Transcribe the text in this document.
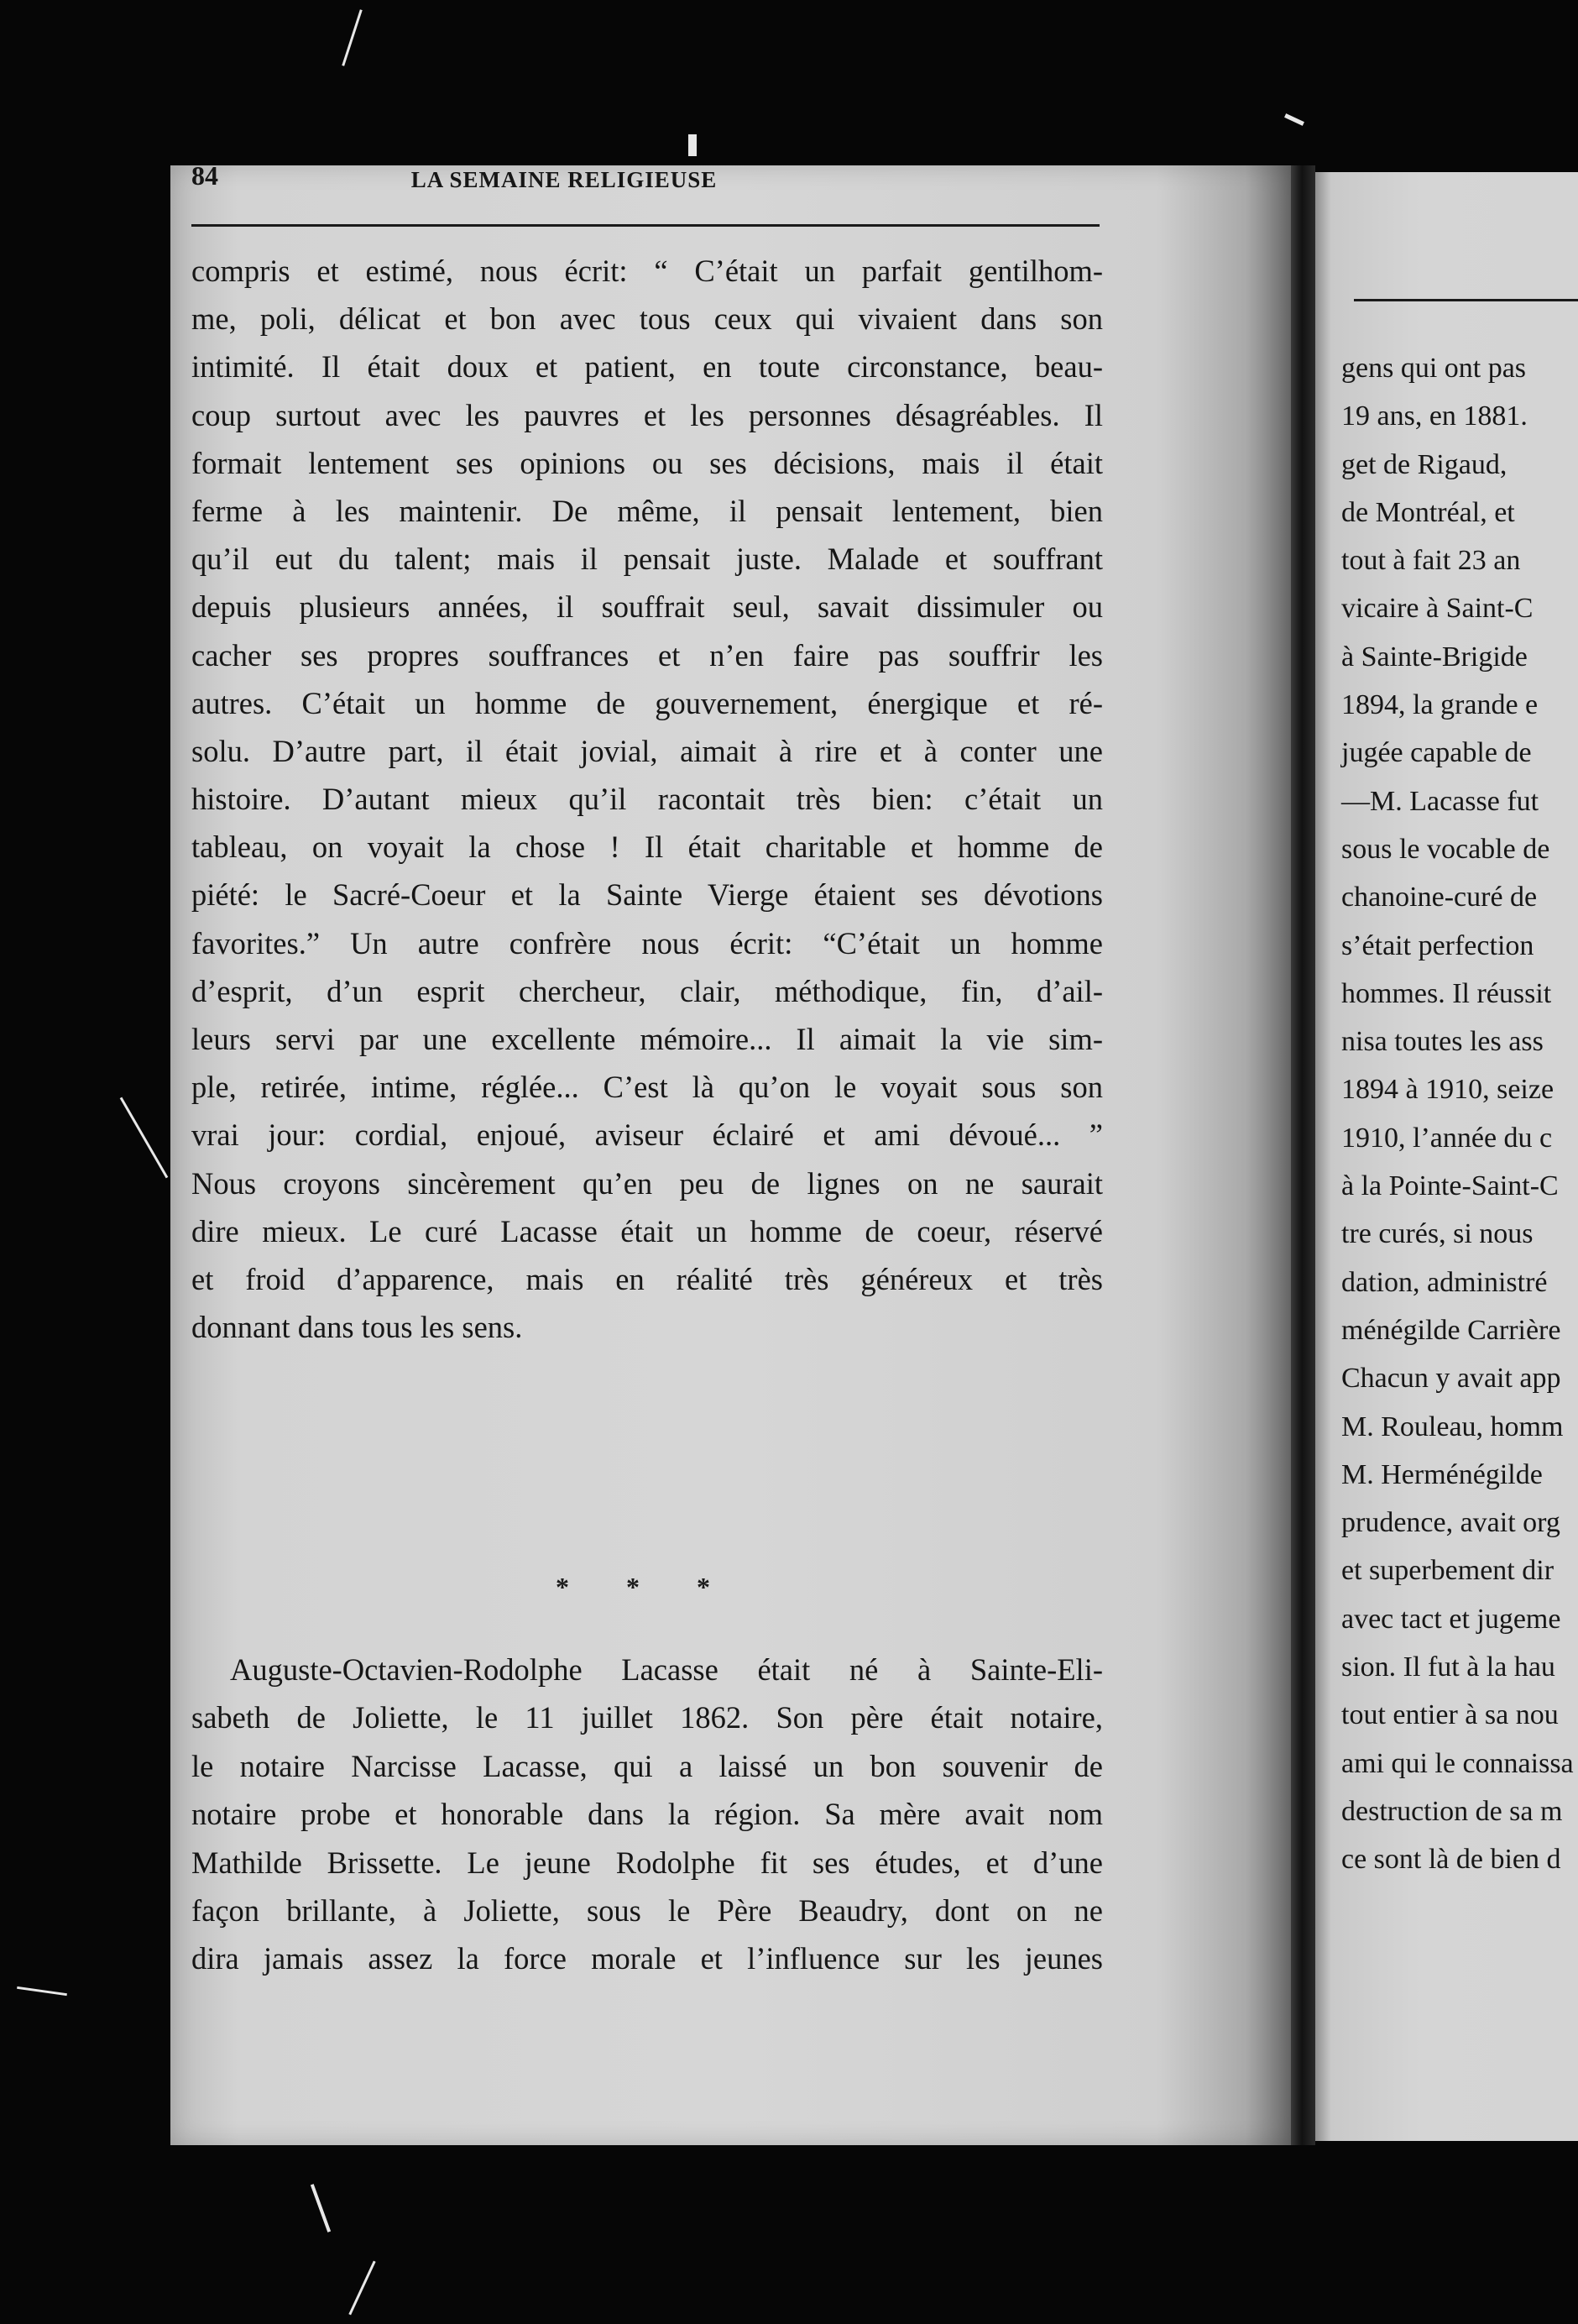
84	LA SEMAINE RELIGIEUSE
compris et estimé, nous écrit: “ C’était un parfait gentilhom-
me, poli, délicat et bon avec tous ceux qui vivaient dans son
intimité. Il était doux et patient, en toute circonstance, beau-
coup surtout avec les pauvres et les personnes désagréables. Il
formait lentement ses opinions ou ses décisions, mais il était
ferme à les maintenir. De même, il pensait lentement, bien
qu’il eut du talent; mais il pensait juste. Malade et souffrant
depuis plusieurs années, il souffrait seul, savait dissimuler ou
cacher ses propres souffrances et n’en faire pas souffrir les
autres. C’était un homme de gouvernement, énergique et ré-
solu. D’autre part, il était jovial, aimait à rire et à conter une
histoire. D’autant mieux qu’il racontait très bien: c’était un
tableau, on voyait la chose ! Il était charitable et homme de
piété: le Sacré-Coeur et la Sainte Vierge étaient ses dévotions
favorites.” Un autre confrère nous écrit: “C’était un homme
d’esprit, d’un esprit chercheur, clair, méthodique, fin, d’ail-
leurs servi par une excellente mémoire... Il aimait la vie sim-
ple, retirée, intime, réglée... C’est là qu’on le voyait sous son
vrai jour: cordial, enjoué, aviseur éclairé et ami dévoué... ”
Nous croyons sincèrement qu’en peu de lignes on ne saurait
dire mieux. Le curé Lacasse était un homme de coeur, réservé
et froid d’apparence, mais en réalité très généreux et très
donnant dans tous les sens.
* * *
Auguste-Octavien-Rodolphe Lacasse était né à Sainte-Eli-
sabeth de Joliette, le 11 juillet 1862. Son père était notaire,
le notaire Narcisse Lacasse, qui a laissé un bon souvenir de
notaire probe et honorable dans la région. Sa mère avait nom
Mathilde Brissette. Le jeune Rodolphe fit ses études, et d’une
façon brillante, à Joliette, sous le Père Beaudry, dont on ne
dira jamais assez la force morale et l’influence sur les jeunes
gens qui ont pas
19 ans, en 1881.
get de Rigaud,
de Montréal, et
tout à fait 23 an
vicaire à Saint-C
à Sainte-Brigide
1894, la grande e
jugée capable de
—M. Lacasse fut
sous le vocable de
chanoine-curé de
s’était perfection
hommes. Il réussit
nisa toutes les ass
1894 à 1910, seize
1910, l’année du c
à la Pointe-Saint-C
tre curés, si nous
dation, administré
ménégilde Carrière
Chacun y avait app
M. Rouleau, homm
M. Herménégilde
prudence, avait org
et superbement dir
avec tact et jugeme
sion. Il fut à la hau
tout entier à sa nou
ami qui le connaissa
destruction de sa m
ce sont là de bien d
